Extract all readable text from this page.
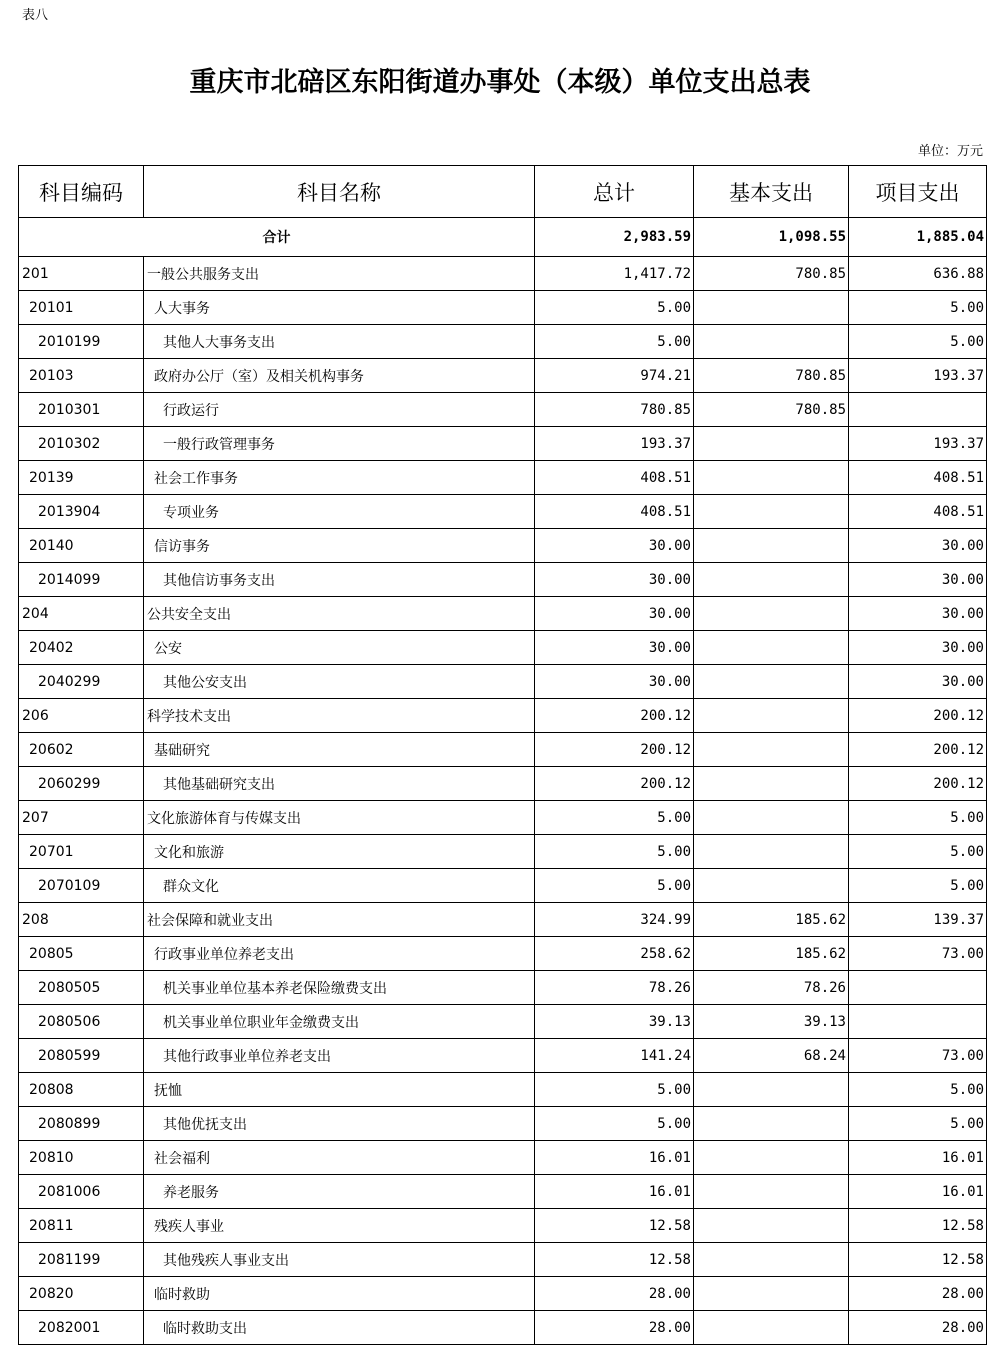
表八
重庆市北碚区东阳街道办事处（本级）单位支出总表
单位：万元
科目编码	科目名称	总计	基本支出	项目支出
合计		2,983.59	1,098.55	1,885.04
201	一般公共服务支出	1,417.72	780.85	636.88
20101	人大事务	5.00		5.00
2010199	其他人大事务支出	5.00		5.00
20103	政府办公厅（室）及相关机构事务	974.21	780.85	193.37
2010301	行政运行	780.85	780.85	
2010302	一般行政管理事务	193.37		193.37
20139	社会工作事务	408.51		408.51
2013904	专项业务	408.51		408.51
20140	信访事务	30.00		30.00
2014099	其他信访事务支出	30.00		30.00
204	公共安全支出	30.00		30.00
20402	公安	30.00		30.00
2040299	其他公安支出	30.00		30.00
206	科学技术支出	200.12		200.12
20602	基础研究	200.12		200.12
2060299	其他基础研究支出	200.12		200.12
207	文化旅游体育与传媒支出	5.00		5.00
20701	文化和旅游	5.00		5.00
2070109	群众文化	5.00		5.00
208	社会保障和就业支出	324.99	185.62	139.37
20805	行政事业单位养老支出	258.62	185.62	73.00
2080505	机关事业单位基本养老保险缴费支出	78.26	78.26	
2080506	机关事业单位职业年金缴费支出	39.13	39.13	
2080599	其他行政事业单位养老支出	141.24	68.24	73.00
20808	抚恤	5.00		5.00
2080899	其他优抚支出	5.00		5.00
20810	社会福利	16.01		16.01
2081006	养老服务	16.01		16.01
20811	残疾人事业	12.58		12.58
2081199	其他残疾人事业支出	12.58		12.58
20820	临时救助	28.00		28.00
2082001	临时救助支出	28.00		28.00
